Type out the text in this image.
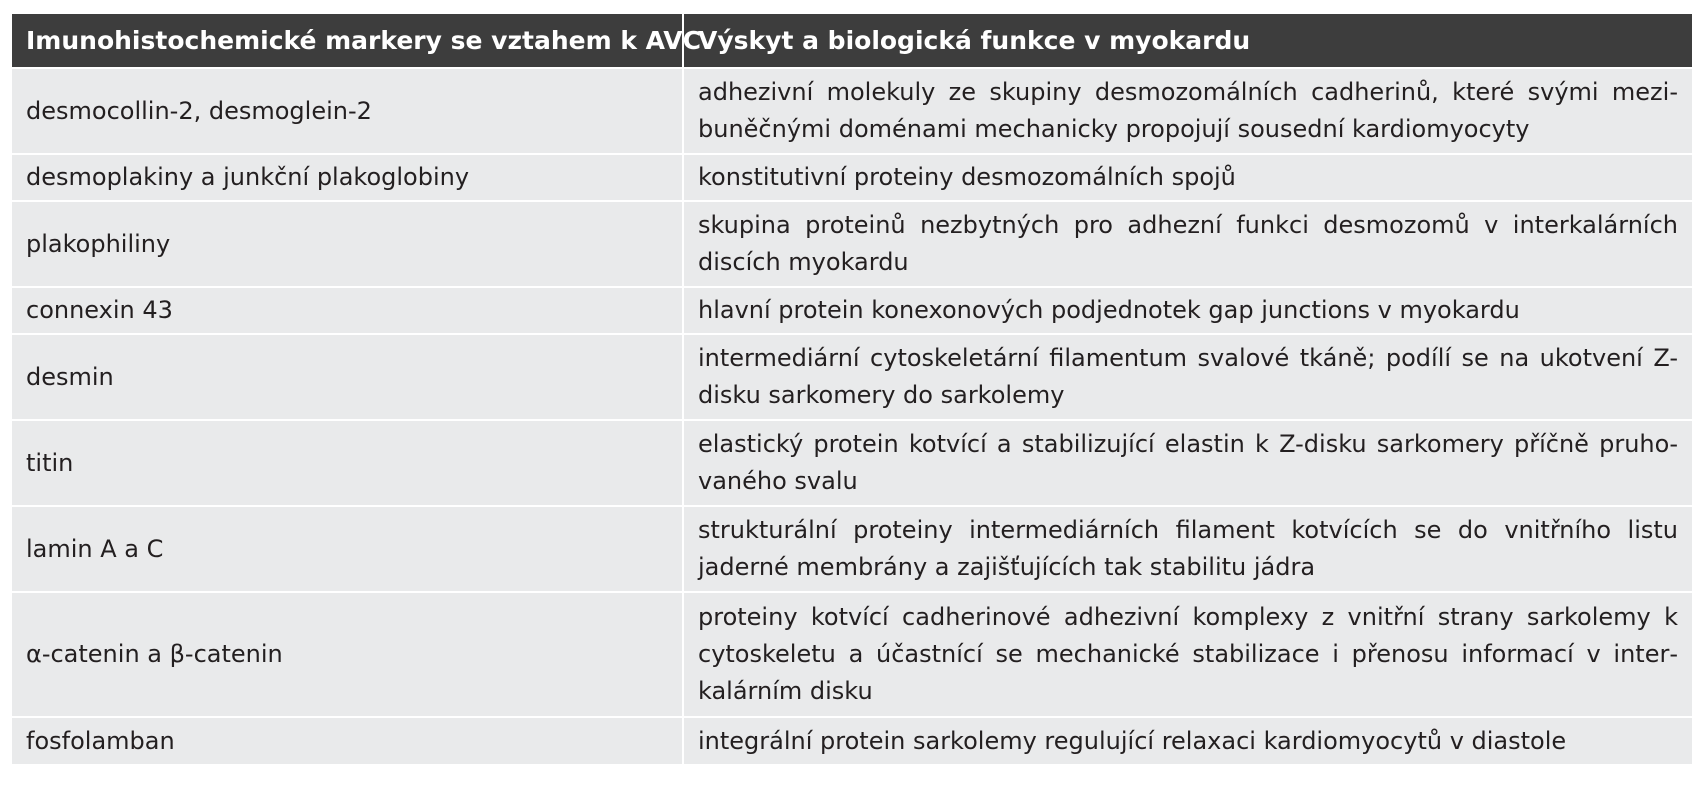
Imunohistochemické markery se vztahem k AVC	Výskyt a biologická funkce v myokardu
desmocollin-2, desmoglein-2	adhezivní molekuly ze skupiny desmozomálních cadherinů, které svými mezibuněčnými doménami mechanicky propojují sousední kardiomyocyty
desmoplakiny a junkční plakoglobiny	konstitutivní proteiny desmozomálních spojů
plakophiliny	skupina proteinů nezbytných pro adhezní funkci desmozomů v interkalárních discích myokardu
connexin 43	hlavní protein konexonových podjednotek gap junctions v myokardu
desmin	intermediární cytoskeletární filamentum svalové tkáně; podílí se na ukotvení Z-disku sarkomery do sarkolemy
titin	elastický protein kotvící a stabilizující elastin k Z-disku sarkomery příčně pruhovaného svalu
lamin A a C	strukturální proteiny intermediárních filament kotvících se do vnitřního listu jaderné membrány a zajišťujících tak stabilitu jádra
α-catenin a β-catenin	proteiny kotvící cadherinové adhezivní komplexy z vnitřní strany sarkolemy k cytoskeletu a účastnící se mechanické stabilizace i přenosu informací v interkalárním disku
fosfolamban	integrální protein sarkolemy regulující relaxaci kardiomyocytů v diastole
